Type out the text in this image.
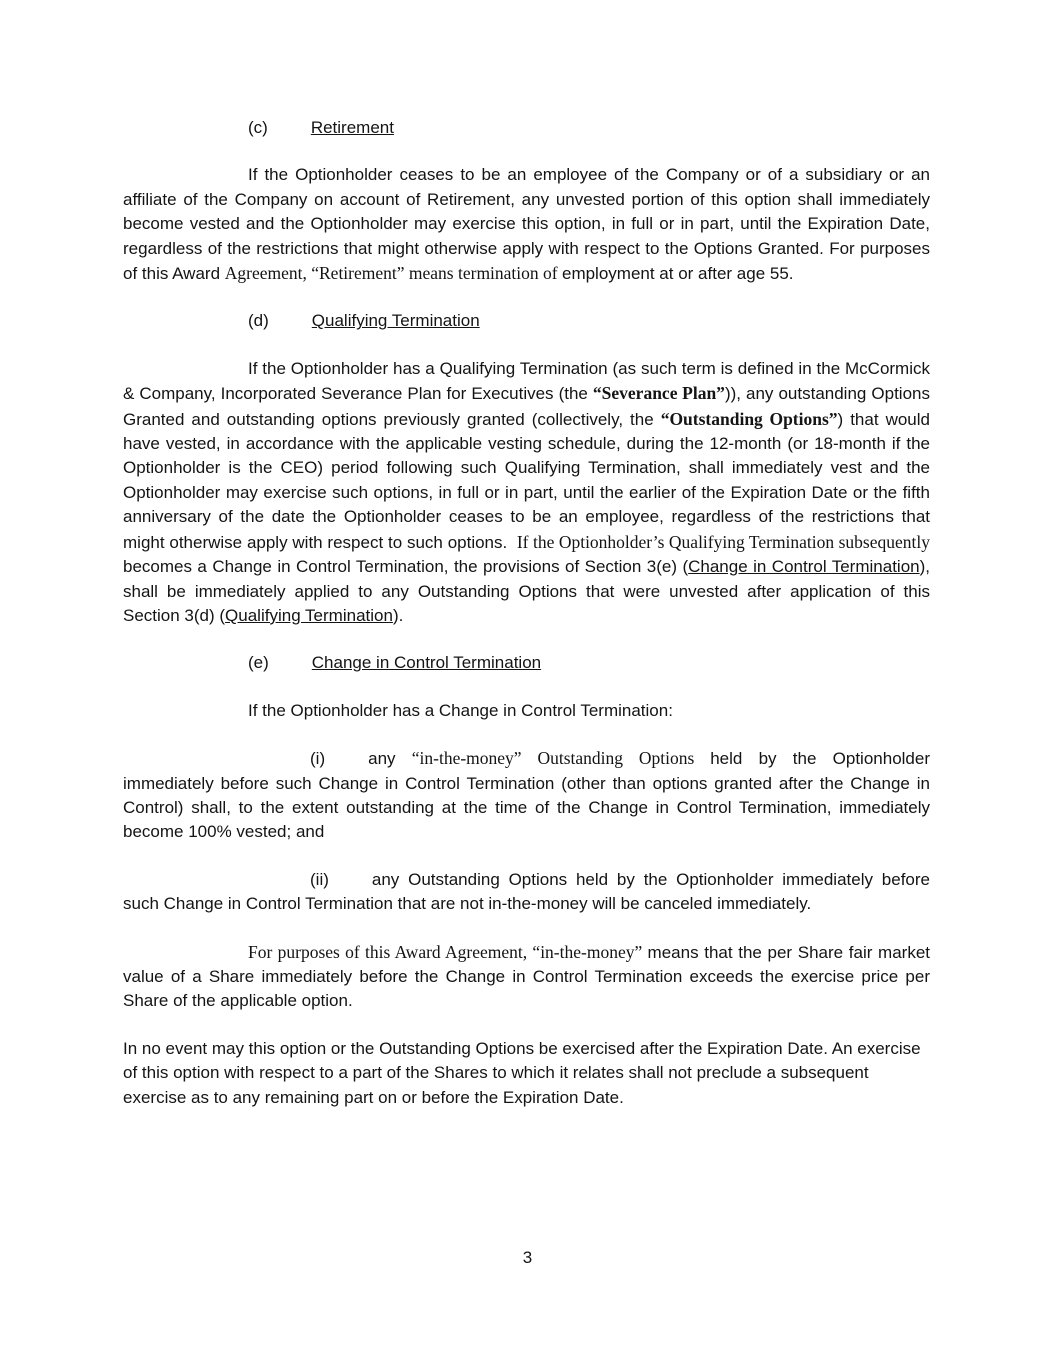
(c)	Retirement

If the Optionholder ceases to be an employee of the Company or of a subsidiary or an affiliate of the Company on account of Retirement, any unvested portion of this option shall immediately become vested and the Optionholder may exercise this option, in full or in part, until the Expiration Date, regardless of the restrictions that might otherwise apply with respect to the Options Granted. For purposes of this Award Agreement, “Retirement” means termination of employment at or after age 55.

(d)	Qualifying Termination

If the Optionholder has a Qualifying Termination (as such term is defined in the McCormick & Company, Incorporated Severance Plan for Executives (the “Severance Plan”)), any outstanding Options Granted and outstanding options previously granted (collectively, the “Outstanding Options”) that would have vested, in accordance with the applicable vesting schedule, during the 12-month (or 18-month if the Optionholder is the CEO) period following such Qualifying Termination, shall immediately vest and the Optionholder may exercise such options, in full or in part, until the earlier of the Expiration Date or the fifth anniversary of the date the Optionholder ceases to be an employee, regardless of the restrictions that might otherwise apply with respect to such options.  If the Optionholder’s Qualifying Termination subsequently becomes a Change in Control Termination, the provisions of Section 3(e) (Change in Control Termination), shall be immediately applied to any Outstanding Options that were unvested after application of this Section 3(d) (Qualifying Termination).

(e)	Change in Control Termination

If the Optionholder has a Change in Control Termination:

(i)	any “in-the-money” Outstanding Options held by the Optionholder immediately before such Change in Control Termination (other than options granted after the Change in Control) shall, to the extent outstanding at the time of the Change in Control Termination, immediately become 100% vested; and

(ii)	any Outstanding Options held by the Optionholder immediately before such Change in Control Termination that are not in-the-money will be canceled immediately.

For purposes of this Award Agreement, “in-the-money” means that the per Share fair market value of a Share immediately before the Change in Control Termination exceeds the exercise price per Share of the applicable option.

In no event may this option or the Outstanding Options be exercised after the Expiration Date. An exercise of this option with respect to a part of the Shares to which it relates shall not preclude a subsequent exercise as to any remaining part on or before the Expiration Date.

3
